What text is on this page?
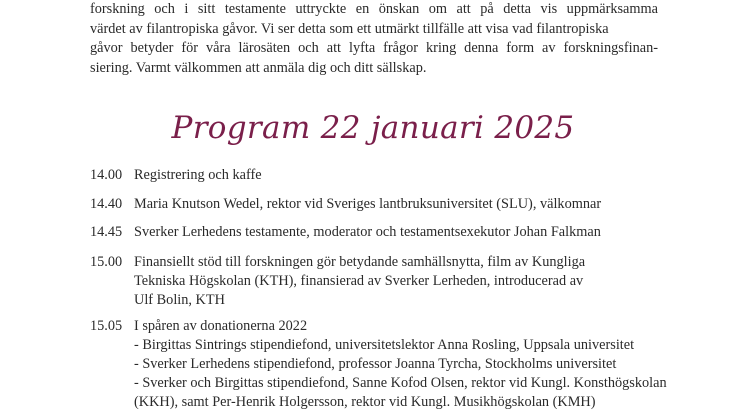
forskning och i sitt testamente uttryckte en önskan om att på detta vis uppmärksamma
värdet av filantropiska gåvor. Vi ser detta som ett utmärkt tillfälle att visa vad filantropiska
gåvor betyder för våra lärosäten och att lyfta frågor kring denna form av forskningsfinan-
siering. Varmt välkommen att anmäla dig och ditt sällskap.
Program 22 januari 2025
14.00 Registrering och kaffe
14.40 Maria Knutson Wedel, rektor vid Sveriges lantbruksuniversitet (SLU), välkomnar
14.45 Sverker Lerhedens testamente, moderator och testamentsexekutor Johan Falkman
15.00 Finansiellt stöd till forskningen gör betydande samhällsnytta, film av Kungliga
Tekniska Högskolan (KTH), finansierad av Sverker Lerheden, introducerad av
Ulf Bolin, KTH
15.05 I spåren av donationerna 2022
- Birgittas Sintrings stipendiefond, universitetslektor Anna Rosling, Uppsala universitet
- Sverker Lerhedens stipendiefond, professor Joanna Tyrcha, Stockholms universitet
- Sverker och Birgittas stipendiefond, Sanne Kofod Olsen, rektor vid Kungl. Konsthögskolan
(KKH), samt Per-Henrik Holgersson, rektor vid Kungl. Musikhögskolan (KMH)
